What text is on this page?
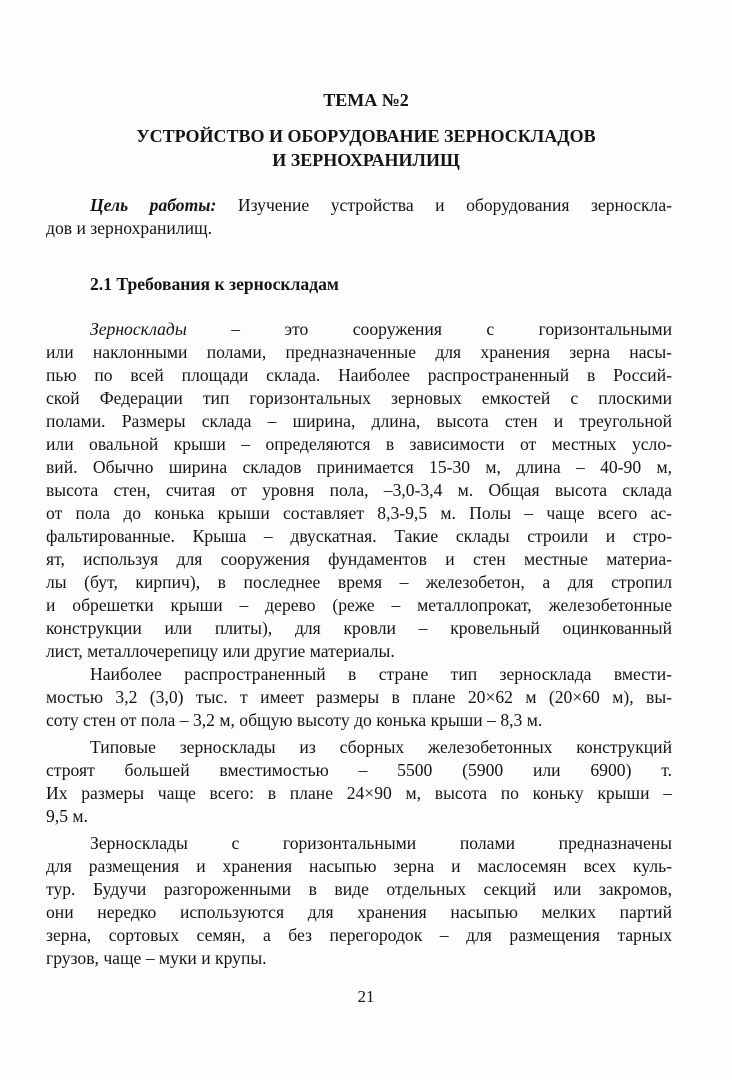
ТЕМА №2
УСТРОЙСТВО И ОБОРУДОВАНИЕ ЗЕРНОСКЛАДОВ
И ЗЕРНОХРАНИЛИЩ
Цель работы: Изучение устройства и оборудования зерноскла-
дов и зернохранилищ.
2.1 Требования к зерноскладам
Зерносклады – это сооружения с горизонтальными
или наклонными полами, предназначенные для хранения зерна насы-
пью по всей площади склада. Наиболее распространенный в Россий-
ской Федерации тип горизонтальных зерновых емкостей с плоскими
полами. Размеры склада – ширина, длина, высота стен и треугольной
или овальной крыши – определяются в зависимости от местных усло-
вий. Обычно ширина складов принимается 15-30 м, длина – 40-90 м,
высота стен, считая от уровня пола, –3,0-3,4 м. Общая высота склада
от пола до конька крыши составляет 8,3-9,5 м. Полы – чаще всего ас-
фальтированные. Крыша – двускатная. Такие склады строили и стро-
ят, используя для сооружения фундаментов и стен местные материа-
лы (бут, кирпич), в последнее время – железобетон, а для стропил
и обрешетки крыши – дерево (реже – металлопрокат, железобетонные
конструкции или плиты), для кровли – кровельный оцинкованный
лист, металлочерепицу или другие материалы.
Наиболее распространенный в стране тип зерносклада вмести-
мостью 3,2 (3,0) тыс. т имеет размеры в плане 20×62 м (20×60 м), вы-
соту стен от пола – 3,2 м, общую высоту до конька крыши – 8,3 м.
Типовые зерносклады из сборных железобетонных конструкций
строят большей вместимостью – 5500 (5900 или 6900) т.
Их размеры чаще всего: в плане 24×90 м, высота по коньку крыши –
9,5 м.
Зерносклады с горизонтальными полами предназначены
для размещения и хранения насыпью зерна и маслосемян всех куль-
тур. Будучи разгороженными в виде отдельных секций или закромов,
они нередко используются для хранения насыпью мелких партий
зерна, сортовых семян, а без перегородок – для размещения тарных
грузов, чаще – муки и крупы.
21
